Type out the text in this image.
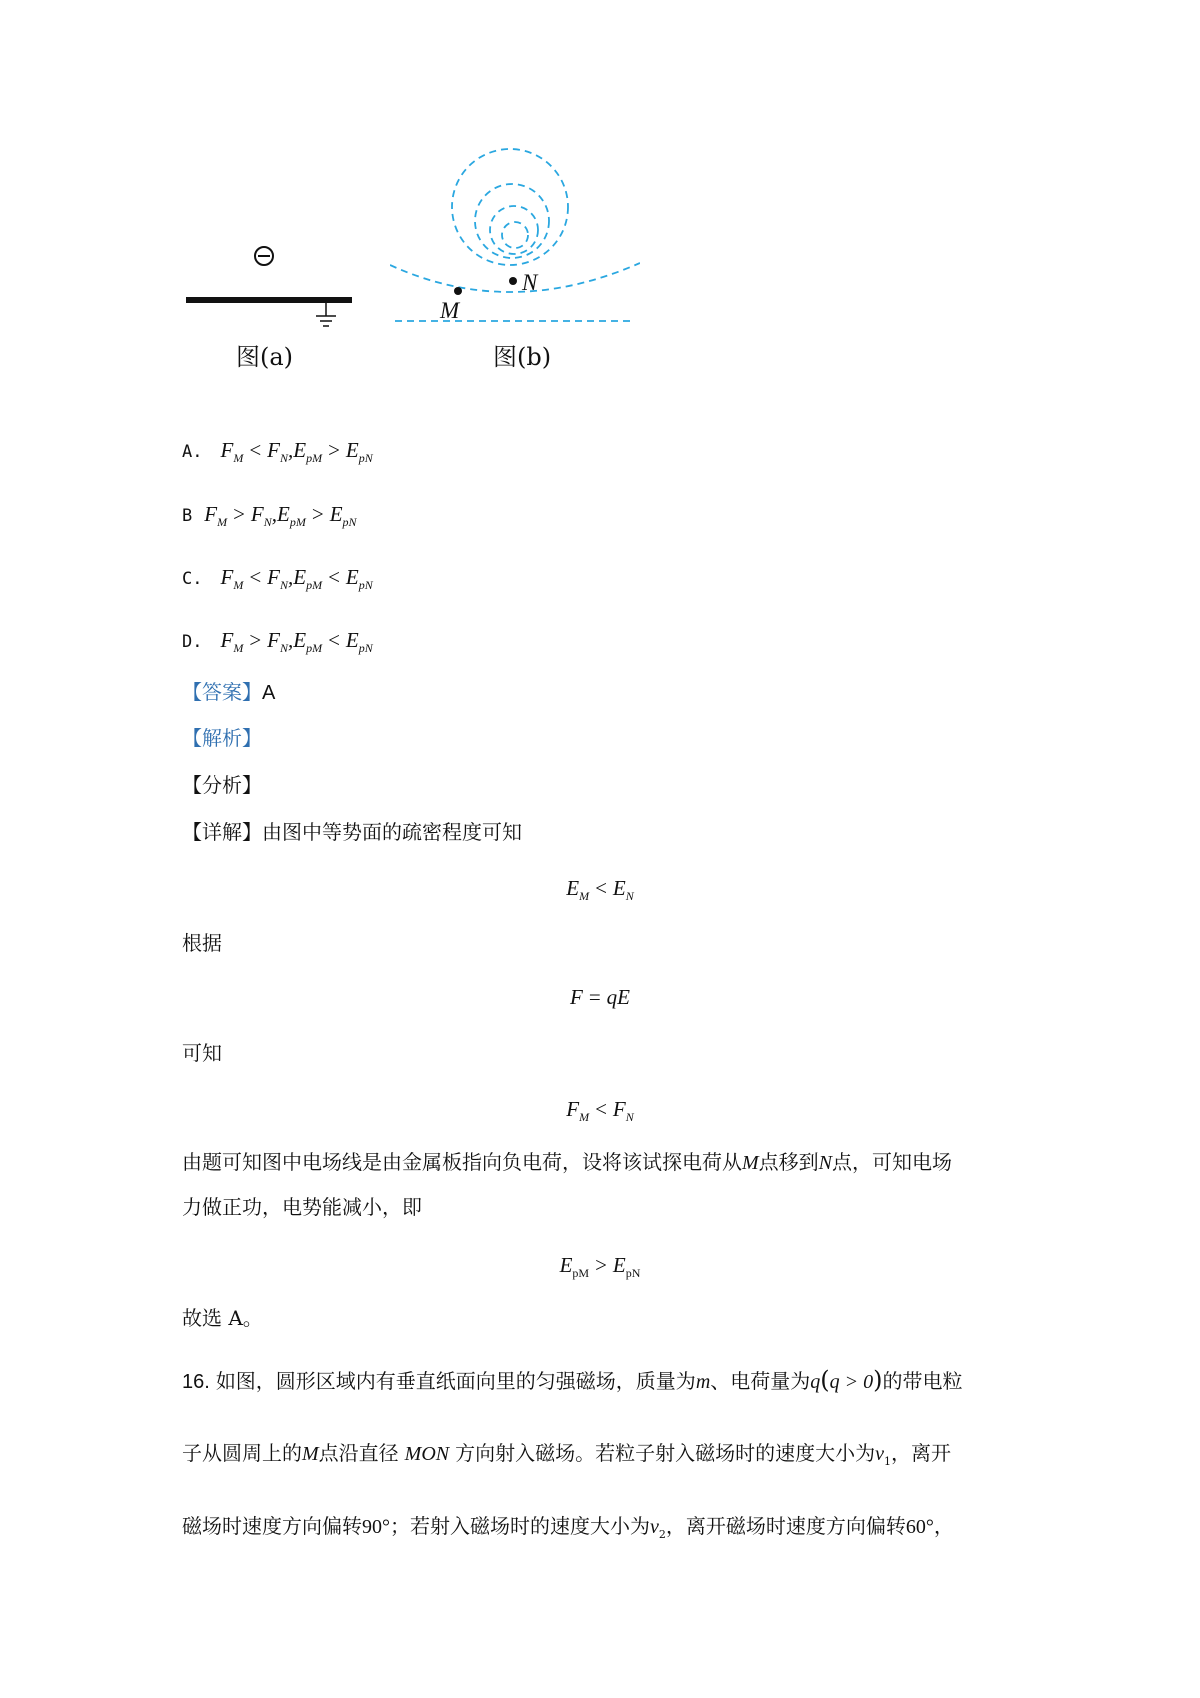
图(a)
M
N
图(b)
A. $F_M < F_N,E_{pM} > E_{pN}$
B $F_M > F_N,E_{pM} > E_{pN}$
C. $F_M < F_N,E_{pM} < E_{pN}$
D. $F_M > F_N,E_{pM} < E_{pN}$
【答案】A
【解析】
【分析】
【详解】由图中等势面的疏密程度可知
$E_M < E_N$
根据
F = qE
可知
$F_M < F_N$
由题可知图中电场线是由金属板指向负电荷，设将该试探电荷从M点移到N点，可知电场
力做正功，电势能减小，即
$E_{pM} > E_{pN}$
故选 A。
16. 如图，圆形区域内有垂直纸面向里的匀强磁场，质量为m、电荷量为q(q > 0)的带电粒
子从圆周上的M点沿直径 MON 方向射入磁场。若粒子射入磁场时的速度大小为$v_1$，离开
磁场时速度方向偏转90°；若射入磁场时的速度大小为$v_2$，离开磁场时速度方向偏转60°，
